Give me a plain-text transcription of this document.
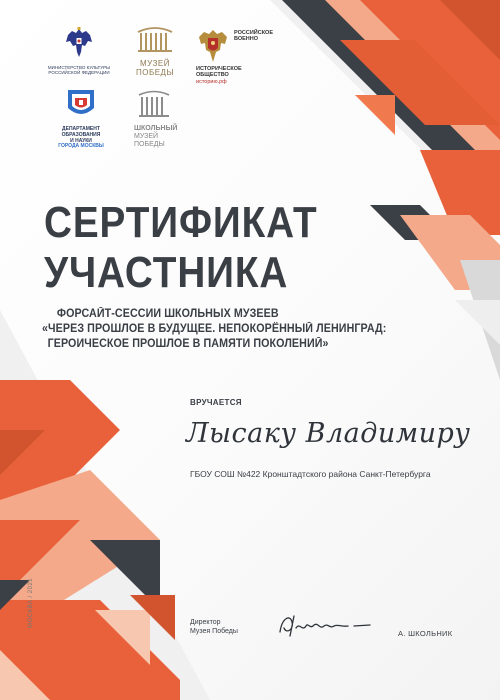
МИНИСТЕРСТВО КУЛЬТУРЫ
РОССИЙСКОЙ ФЕДЕРАЦИИ
МУЗЕЙ
ПОБЕДЫ
РОССИЙСКОЕ
ВОЕННО
ИСТОРИЧЕСКОЕ
ОБЩЕСТВО
историю.рф
ДЕПАРТАМЕНТ
ОБРАЗОВАНИЯ
И НАУКИ
ГОРОДА МОСКВЫ
ШКОЛЬНЫЙ
МУЗЕЙ
ПОБЕДЫ
СЕРТИФИКАТ
УЧАСТНИКА
ФОРСАЙТ-СЕССИИ ШКОЛЬНЫХ МУЗЕЕВ
«ЧЕРЕЗ ПРОШЛОЕ В БУДУЩЕЕ. НЕПОКОРЁННЫЙ ЛЕНИНГРАД:
ГЕРОИЧЕСКОЕ ПРОШЛОЕ В ПАМЯТИ ПОКОЛЕНИЙ»
ВРУЧАЕТСЯ
Лысаку Владимиру
ГБОУ СОШ №422 Кронштадтского района Санкт-Петербурга
МОСКВА / 2021	Директор
Музея Победы	А. ШКОЛЬНИК
